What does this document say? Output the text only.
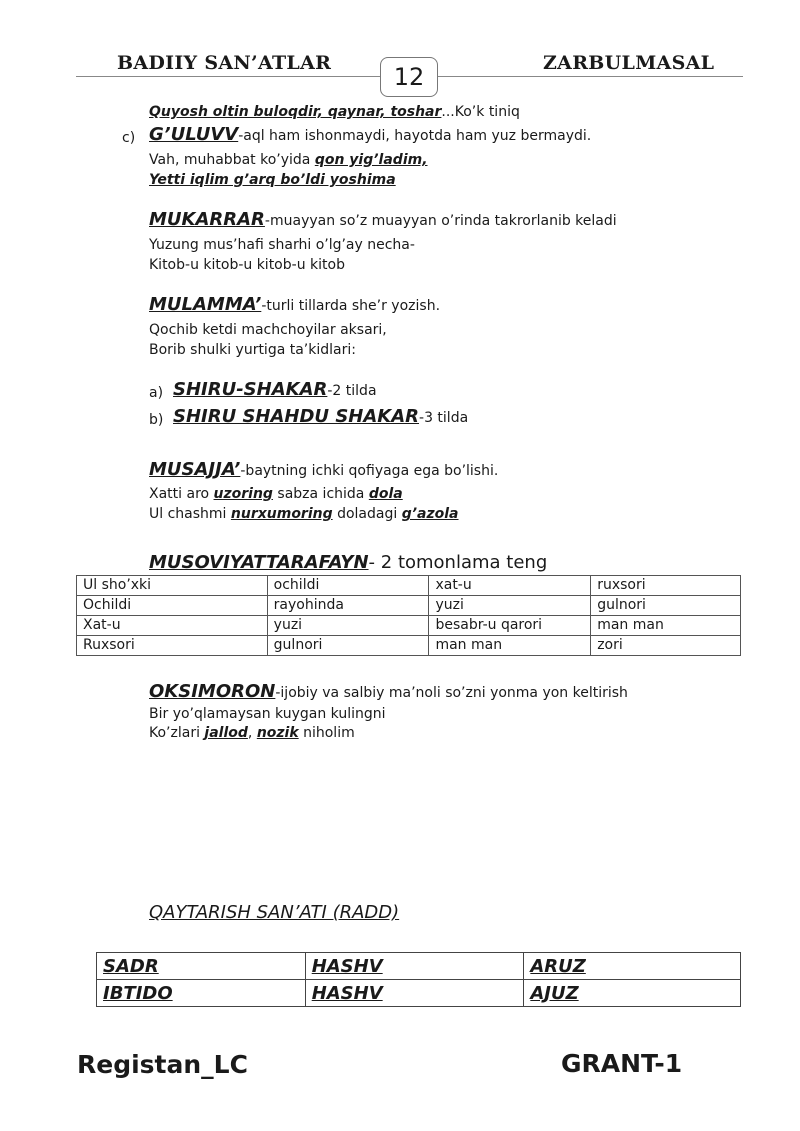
BADIIY SAN’ATLAR	ZARBULMASAL
12
Quyosh oltin buloqdir, qaynar, toshar...Ko’k tiniq
c) G’ULUVV-aql ham ishonmaydi, hayotda ham yuz bermaydi.
Vah, muhabbat ko’yida qon yig’ladim,
Yetti iqlim g’arq bo’ldi yoshima
MUKARRAR-muayyan so’z muayyan o’rinda takrorlanib keladi
Yuzung mus’hafi sharhi o’lg’ay necha-
Kitob-u kitob-u kitob-u kitob
MULAMMA’-turli tillarda she’r yozish.
Qochib ketdi machchoyilar aksari,
Borib shulki yurtiga ta’kidlari:
a) SHIRU-SHAKAR-2 tilda
b) SHIRU SHAHDU SHAKAR-3 tilda
MUSAJJA’-baytning ichki qofiyaga ega bo’lishi.
Xatti aro uzoring sabza ichida dola
Ul chashmi nurxumoring doladagi g’azola
MUSOVIYATTARAFAYN- 2 tomonlama teng
Ul sho’xki	ochildi	xat-u	ruxsori
Ochildi	rayohinda	yuzi	gulnori
Xat-u	yuzi	besabr-u qarori	man man
Ruxsori	gulnori	man man	zori
OKSIMORON-ijobiy va salbiy ma’noli so’zni yonma yon keltirish
Bir yo’qlamaysan kuygan kulingni
Ko’zlari jallod, nozik niholim
QAYTARISH SAN’ATI (RADD)
SADR	HASHV	ARUZ
IBTIDO	HASHV	AJUZ
Registan_LC	GRANT-1
